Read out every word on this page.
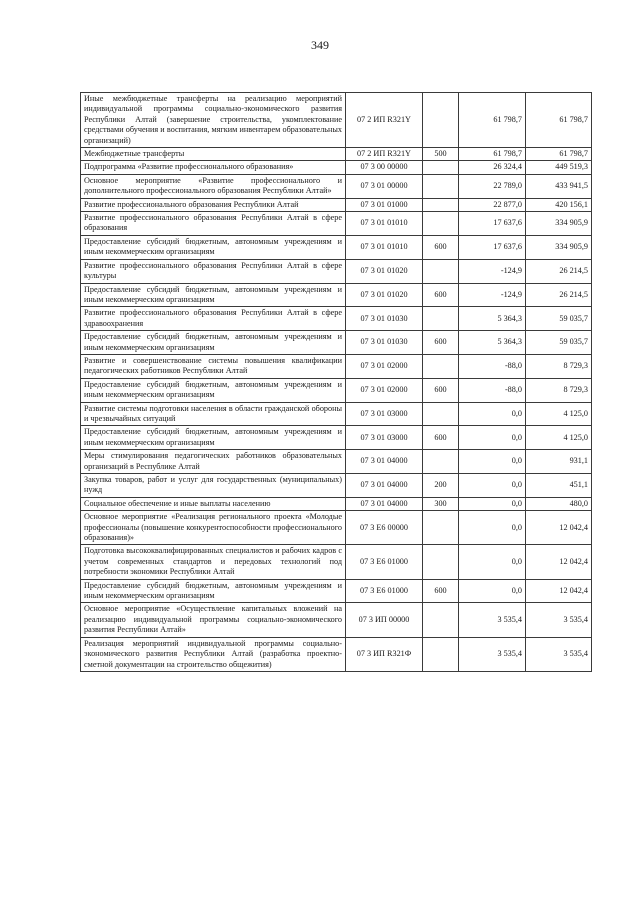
349
Иные межбюджетные трансферты на реализацию мероприятий индивидуальной программы социально-экономического развития Республики Алтай (завершение строительства, укомплектование средствами обучения и воспитания, мягким инвентарем образовательных организаций)	07 2 ИП R321Y		61 798,7	61 798,7
Межбюджетные трансферты	07 2 ИП R321Y	500	61 798,7	61 798,7
Подпрограмма «Развитие профессионального образования»	07 3 00 00000		26 324,4	449 519,3
Основное мероприятие «Развитие профессионального и дополнительного профессионального образования Республики Алтай»	07 3 01 00000		22 789,0	433 941,5
Развитие профессионального образования Республики Алтай	07 3 01 01000		22 877,0	420 156,1
Развитие профессионального образования Республики Алтай в сфере образования	07 3 01 01010		17 637,6	334 905,9
Предоставление субсидий бюджетным, автономным учреждениям и иным некоммерческим организациям	07 3 01 01010	600	17 637,6	334 905,9
Развитие профессионального образования Республики Алтай в сфере культуры	07 3 01 01020		-124,9	26 214,5
Предоставление субсидий бюджетным, автономным учреждениям и иным некоммерческим организациям	07 3 01 01020	600	-124,9	26 214,5
Развитие профессионального образования Республики Алтай в сфере здравоохранения	07 3 01 01030		5 364,3	59 035,7
Предоставление субсидий бюджетным, автономным учреждениям и иным некоммерческим организациям	07 3 01 01030	600	5 364,3	59 035,7
Развитие и совершенствование системы повышения квалификации педагогических работников Республики Алтай	07 3 01 02000		-88,0	8 729,3
Предоставление субсидий бюджетным, автономным учреждениям и иным некоммерческим организациям	07 3 01 02000	600	-88,0	8 729,3
Развитие системы подготовки населения в области гражданской обороны и чрезвычайных ситуаций	07 3 01 03000		0,0	4 125,0
Предоставление субсидий бюджетным, автономным учреждениям и иным некоммерческим организациям	07 3 01 03000	600	0,0	4 125,0
Меры стимулирования педагогических работников образовательных организаций в Республике Алтай	07 3 01 04000		0,0	931,1
Закупка товаров, работ и услуг для государственных (муниципальных) нужд	07 3 01 04000	200	0,0	451,1
Социальное обеспечение и иные выплаты населению	07 3 01 04000	300	0,0	480,0
Основное мероприятие «Реализация регионального проекта «Молодые профессионалы (повышение конкурентоспособности профессионального образования)»	07 3 E6 00000		0,0	12 042,4
Подготовка высококвалифицированных специалистов и рабочих кадров с учетом современных стандартов и передовых технологий под потребности экономики Республики Алтай	07 3 E6 01000		0,0	12 042,4
Предоставление субсидий бюджетным, автономным учреждениям и иным некоммерческим организациям	07 3 E6 01000	600	0,0	12 042,4
Основное мероприятие «Осуществление капитальных вложений на реализацию индивидуальной программы социально-экономического развития Республики Алтай»	07 3 ИП 00000		3 535,4	3 535,4
Реализация мероприятий индивидуальной программы социально-экономического развития Республики Алтай (разработка проектно-сметной документации на строительство общежития)	07 3 ИП R321Ф		3 535,4	3 535,4
